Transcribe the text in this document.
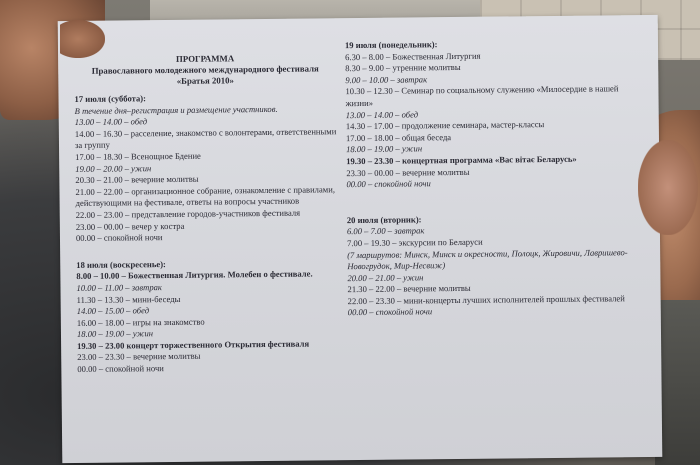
ПРОГРАММА
Православного молодежного международного фестиваля
«Братья 2010»
17 июля (суббота):
В течение дня–регистрация и размещение участников.
13.00 – 14.00 – обед
14.00 – 16.30 – расселение, знакомство с волонтерами, ответственными за группу
17.00 – 18.30 – Всенощное Бдение
19.00 – 20.00 – ужин
20.30 – 21.00 – вечерние молитвы
21.00 – 22.00 – организационное собрание, ознакомление с правилами, действующими на фестивале, ответы на вопросы участников
22.00 – 23.00 – представление городов-участников фестиваля
23.00 – 00.00 – вечер у костра
00.00 – спокойной ночи
18 июля (воскресенье):
8.00 – 10.00 – Божественная Литургия. Молебен о фестивале.
10.00 – 11.00 – завтрак
11.30 – 13.30 – мини-беседы
14.00 – 15.00 – обед
16.00 – 18.00 – игры на знакомство
18.00 – 19.00 – ужин
19.30 – 23.00 концерт торжественного Открытия фестиваля
23.00 – 23.30 – вечерние молитвы
00.00 – спокойной ночи
19 июля (понедельник):
6.30 – 8.00 – Божественная Литургия
8.30 – 9.00 – утренние молитвы
9.00 – 10.00 – завтрак
10.30 – 12.30 – Семинар по социальному служению «Милосердие в нашей жизни»
13.00 – 14.00 – обед
14.30 – 17.00 – продолжение семинара, мастер-классы
17.00 – 18.00 – общая беседа
18.00 – 19.00 – ужин
19.30 – 23.30 – концертная программа «Вас вітає Беларусь»
23.30 – 00.00 – вечерние молитвы
00.00 – спокойной ночи
20 июля (вторник):
6.00 – 7.00 – завтрак
7.00 – 19.30 – экскурсии по Беларуси
(7 маршрутов: Минск, Минск и окресности, Полоцк, Жировичи, Лавришево- Новогрудок, Мир-Несвиж)
20.00 – 21.00 – ужин
21.30 – 22.00 – вечерние молитвы
22.00 – 23.30 – мини-концерты лучших исполнителей прошлых фестивалей
00.00 – спокойной ночи
